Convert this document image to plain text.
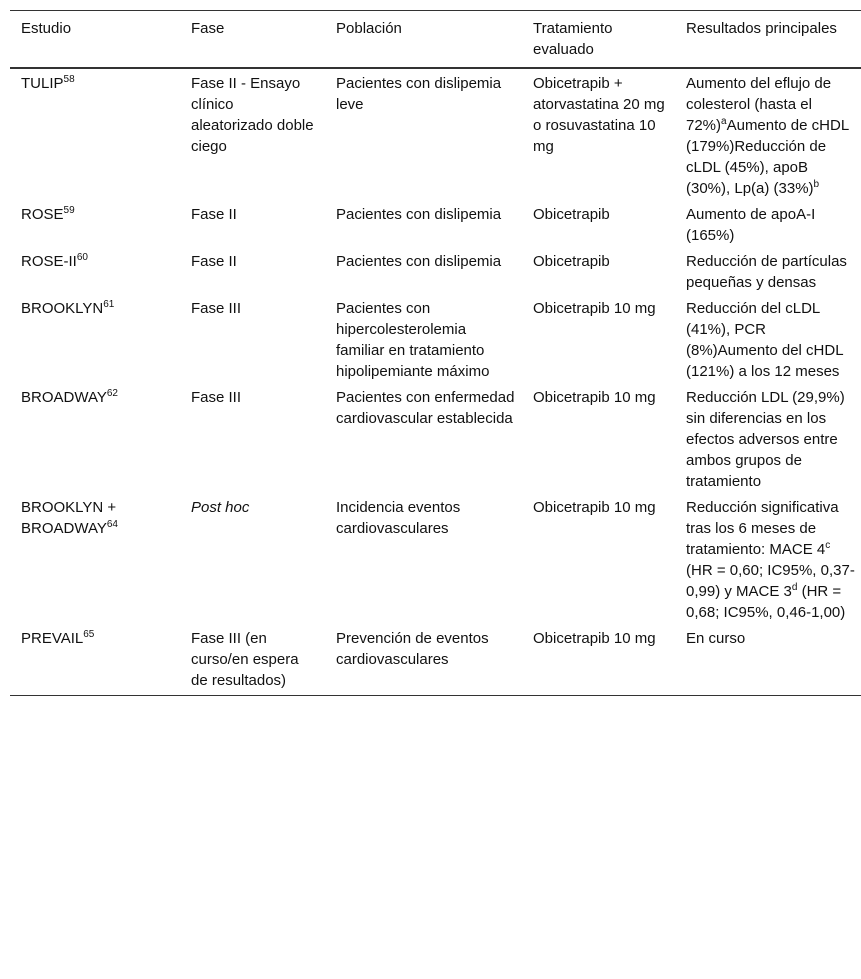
Estudio	Fase	Población	Tratamiento evaluado	Resultados principales
TULIP$^{58}$	Fase II - Ensayo clínico aleatorizado doble ciego	Pacientes con dislipemia leve	Obicetrapib + atorvastatina 20 mg o rosuvastatina 10 mg	Aumento del eflujo de colesterol (hasta el 72%)$^a$Aumento de cHDL (179%)Reducción de cLDL (45%), apoB (30%), Lp(a) $(33\%)^b$
ROSE$^{59}$	Fase II	Pacientes con dislipemia	Obicetrapib	Aumento de apoA-I (165%)
ROSE-II$^{60}$	Fase II	Pacientes con dislipemia	Obicetrapib	Reducción de partículas pequeñas y densas
BROOKLYN$^{61}$	Fase III	Pacientes con hipercolesterolemia familiar en tratamiento hipolipemiante máximo	Obicetrapib 10 mg	Reducción del cLDL (41%), PCR (8%)Aumento del cHDL (121%) a los 12 meses
BROADWAY$^{62}$	Fase III	Pacientes con enfermedad cardiovascular establecida	Obicetrapib 10 mg	Reducción LDL (29,9%) sin diferencias en los efectos adversos entre ambos grupos de tratamiento
BROOKLYN + $BROADWAY^{64}$	Post hoc	Incidencia eventos cardiovasculares	Obicetrapib 10 mg	Reducción significativa tras los 6 meses de tratamiento: MACE 4$^c$ (HR = 0,60; IC95%, 0,37-0,99) y MACE 3$^d$ (HR = 0,68; IC95%, 0,46-1,00)
PREVAIL$^{65}$	Fase III (en curso/en espera de resultados)	Prevención de eventos cardiovasculares	Obicetrapib 10 mg	En curso
